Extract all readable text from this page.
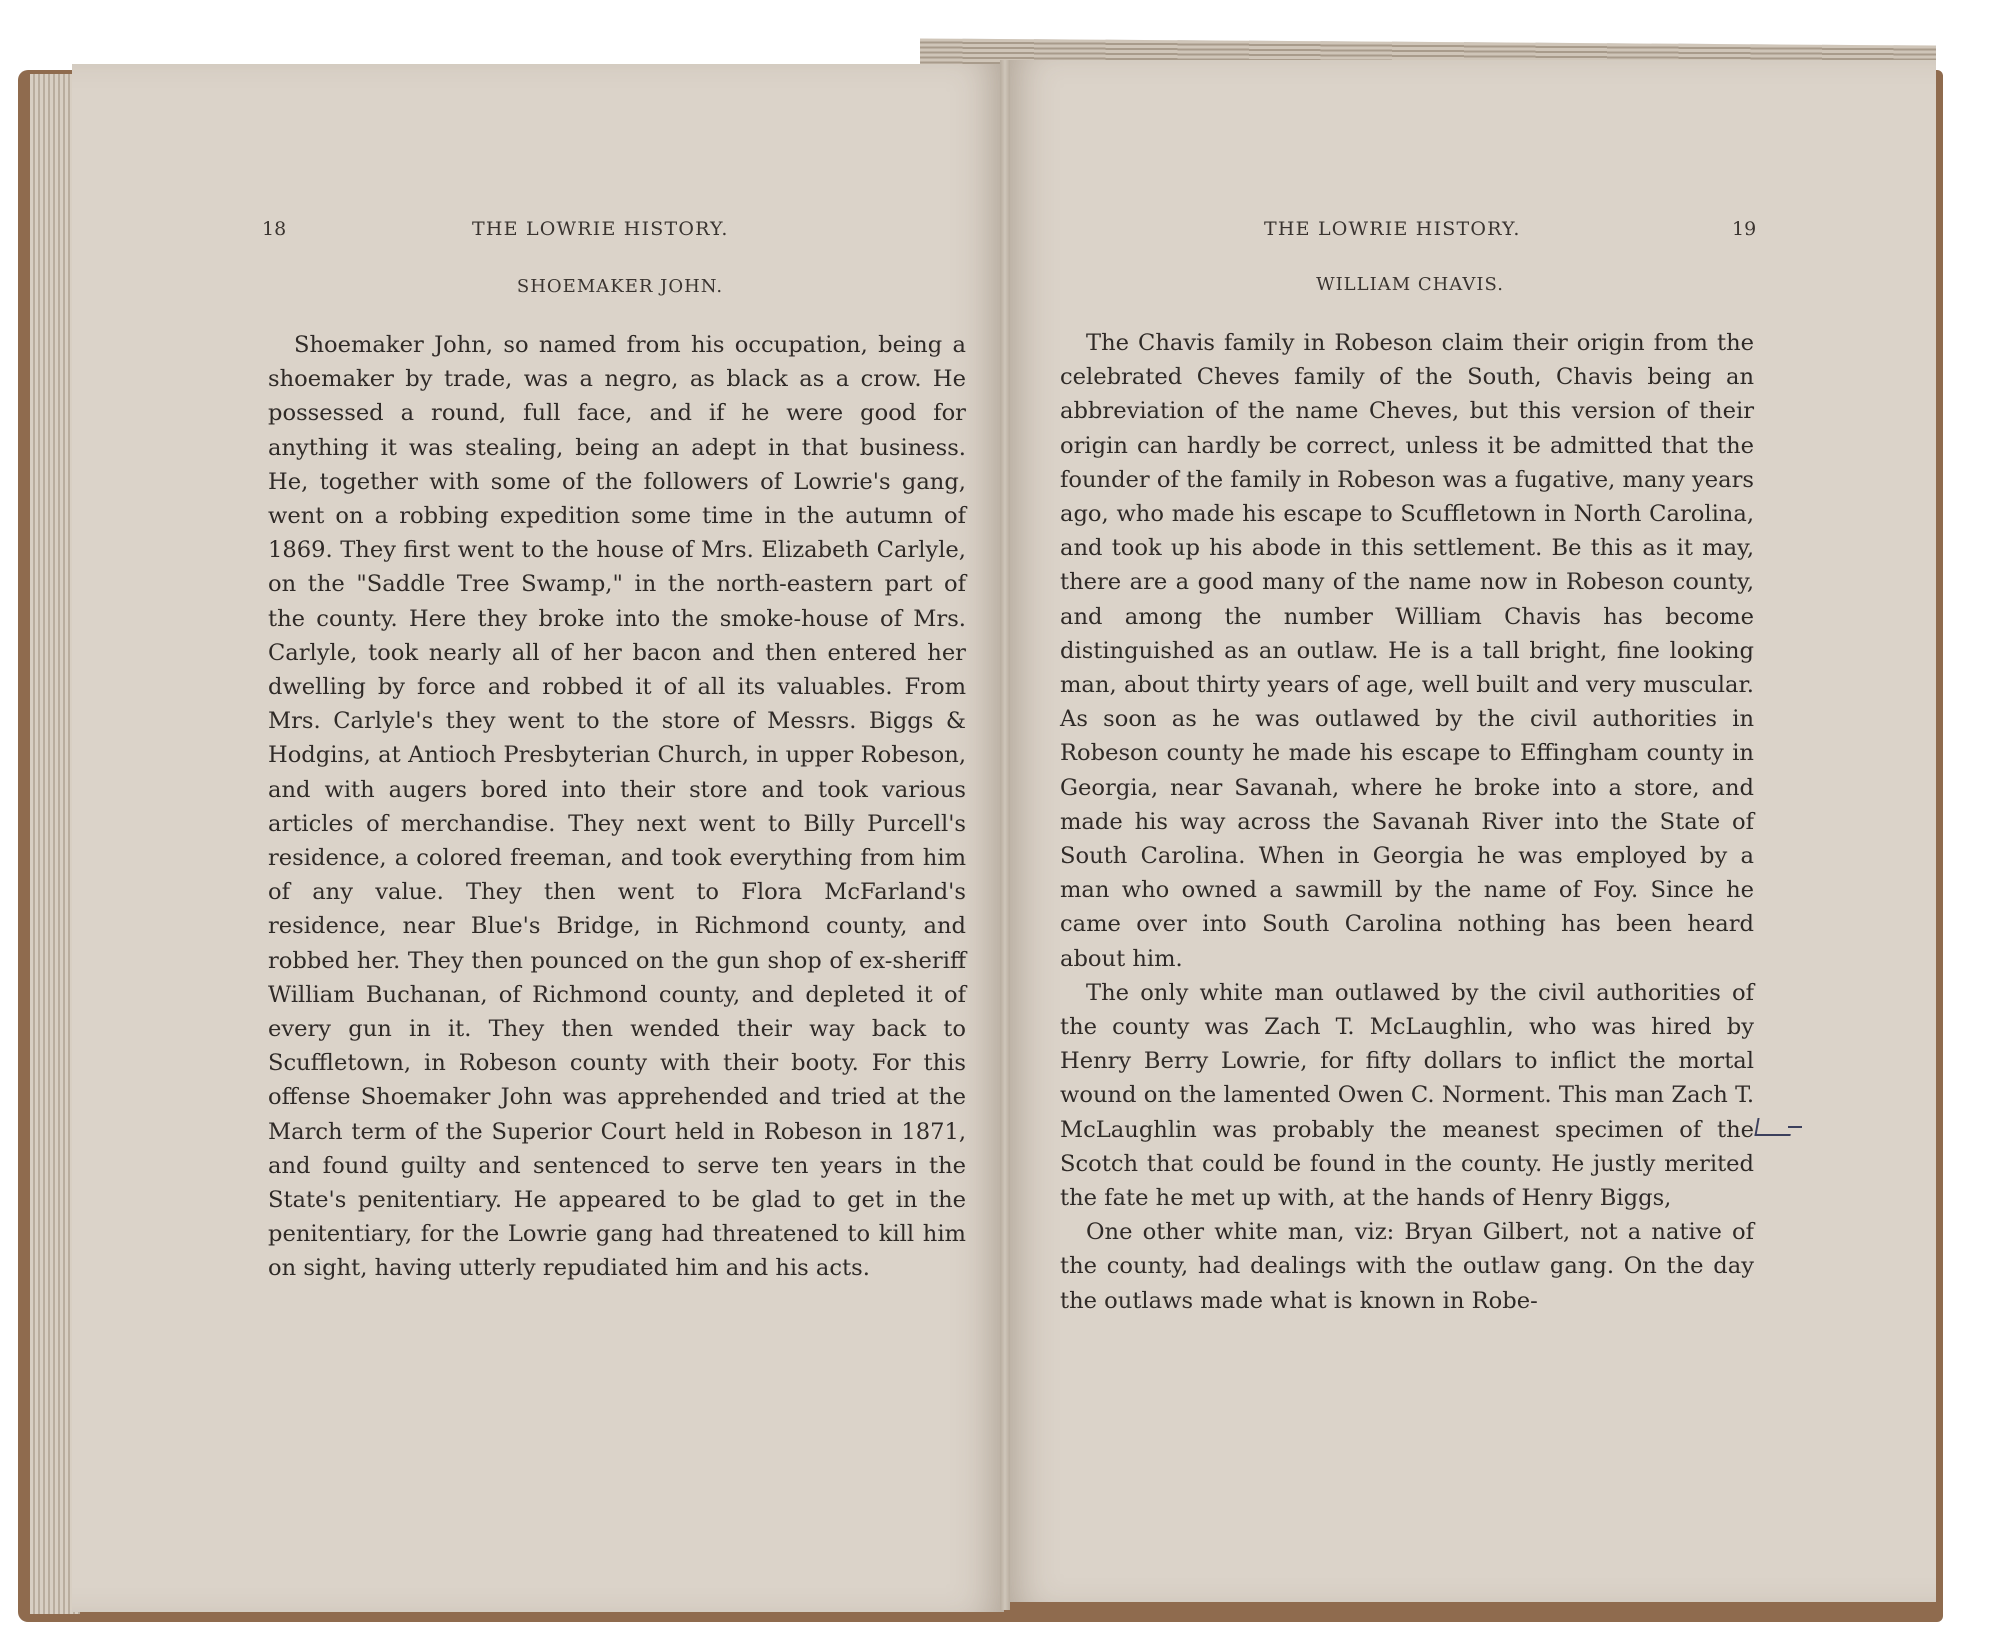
18	THE LOWRIE HISTORY.
SHOEMAKER JOHN.

Shoemaker John, so named from his occupation, being a shoemaker by trade, was a negro, as black as a crow. He possessed a round, full face, and if he were good for anything it was stealing, being an adept in that business. He, together with some of the followers of Lowrie's gang, went on a robbing expedition some time in the autumn of 1869. They first went to the house of Mrs. Elizabeth Carlyle, on the "Saddle Tree Swamp," in the north-eastern part of the county. Here they broke into the smoke-house of Mrs. Carlyle, took nearly all of her bacon and then entered her dwelling by force and robbed it of all its valuables. From Mrs. Carlyle's they went to the store of Messrs. Biggs & Hodgins, at Antioch Presbyterian Church, in upper Robeson, and with augers bored into their store and took various articles of merchandise. They next went to Billy Purcell's residence, a colored freeman, and took everything from him of any value. They then went to Flora McFarland's residence, near Blue's Bridge, in Richmond county, and robbed her. They then pounced on the gun shop of ex-sheriff William Buchanan, of Richmond county, and depleted it of every gun in it. They then wended their way back to Scuffletown, in Robeson county with their booty. For this offense Shoemaker John was apprehended and tried at the March term of the Superior Court held in Robeson in 1871, and found guilty and sentenced to serve ten years in the State's penitentiary. He appeared to be glad to get in the penitentiary, for the Lowrie gang had threatened to kill him on sight, having utterly repudiated him and his acts.

THE LOWRIE HISTORY.	19
WILLIAM CHAVIS.

The Chavis family in Robeson claim their origin from the celebrated Cheves family of the South, Chavis being an abbreviation of the name Cheves, but this version of their origin can hardly be correct, unless it be admitted that the founder of the family in Robeson was a fugative, many years ago, who made his escape to Scuffletown in North Carolina, and took up his abode in this settlement. Be this as it may, there are a good many of the name now in Robeson county, and among the number William Chavis has become distinguished as an outlaw. He is a tall bright, fine looking man, about thirty years of age, well built and very muscular. As soon as he was outlawed by the civil authorities in Robeson county he made his escape to Effingham county in Georgia, near Savanah, where he broke into a store, and made his way across the Savanah River into the State of South Carolina. When in Georgia he was employed by a man who owned a sawmill by the name of Foy. Since he came over into South Carolina nothing has been heard about him.

The only white man outlawed by the civil authorities of the county was Zach T. McLaughlin, who was hired by Henry Berry Lowrie, for fifty dollars to inflict the mortal wound on the lamented Owen C. Norment. This man Zach T. McLaughlin was probably the meanest specimen of the Scotch that could be found in the county. He justly merited the fate he met up with, at the hands of Henry Biggs,

One other white man, viz: Bryan Gilbert, not a native of the county, had dealings with the outlaw gang. On the day the outlaws made what is known in Robe-
